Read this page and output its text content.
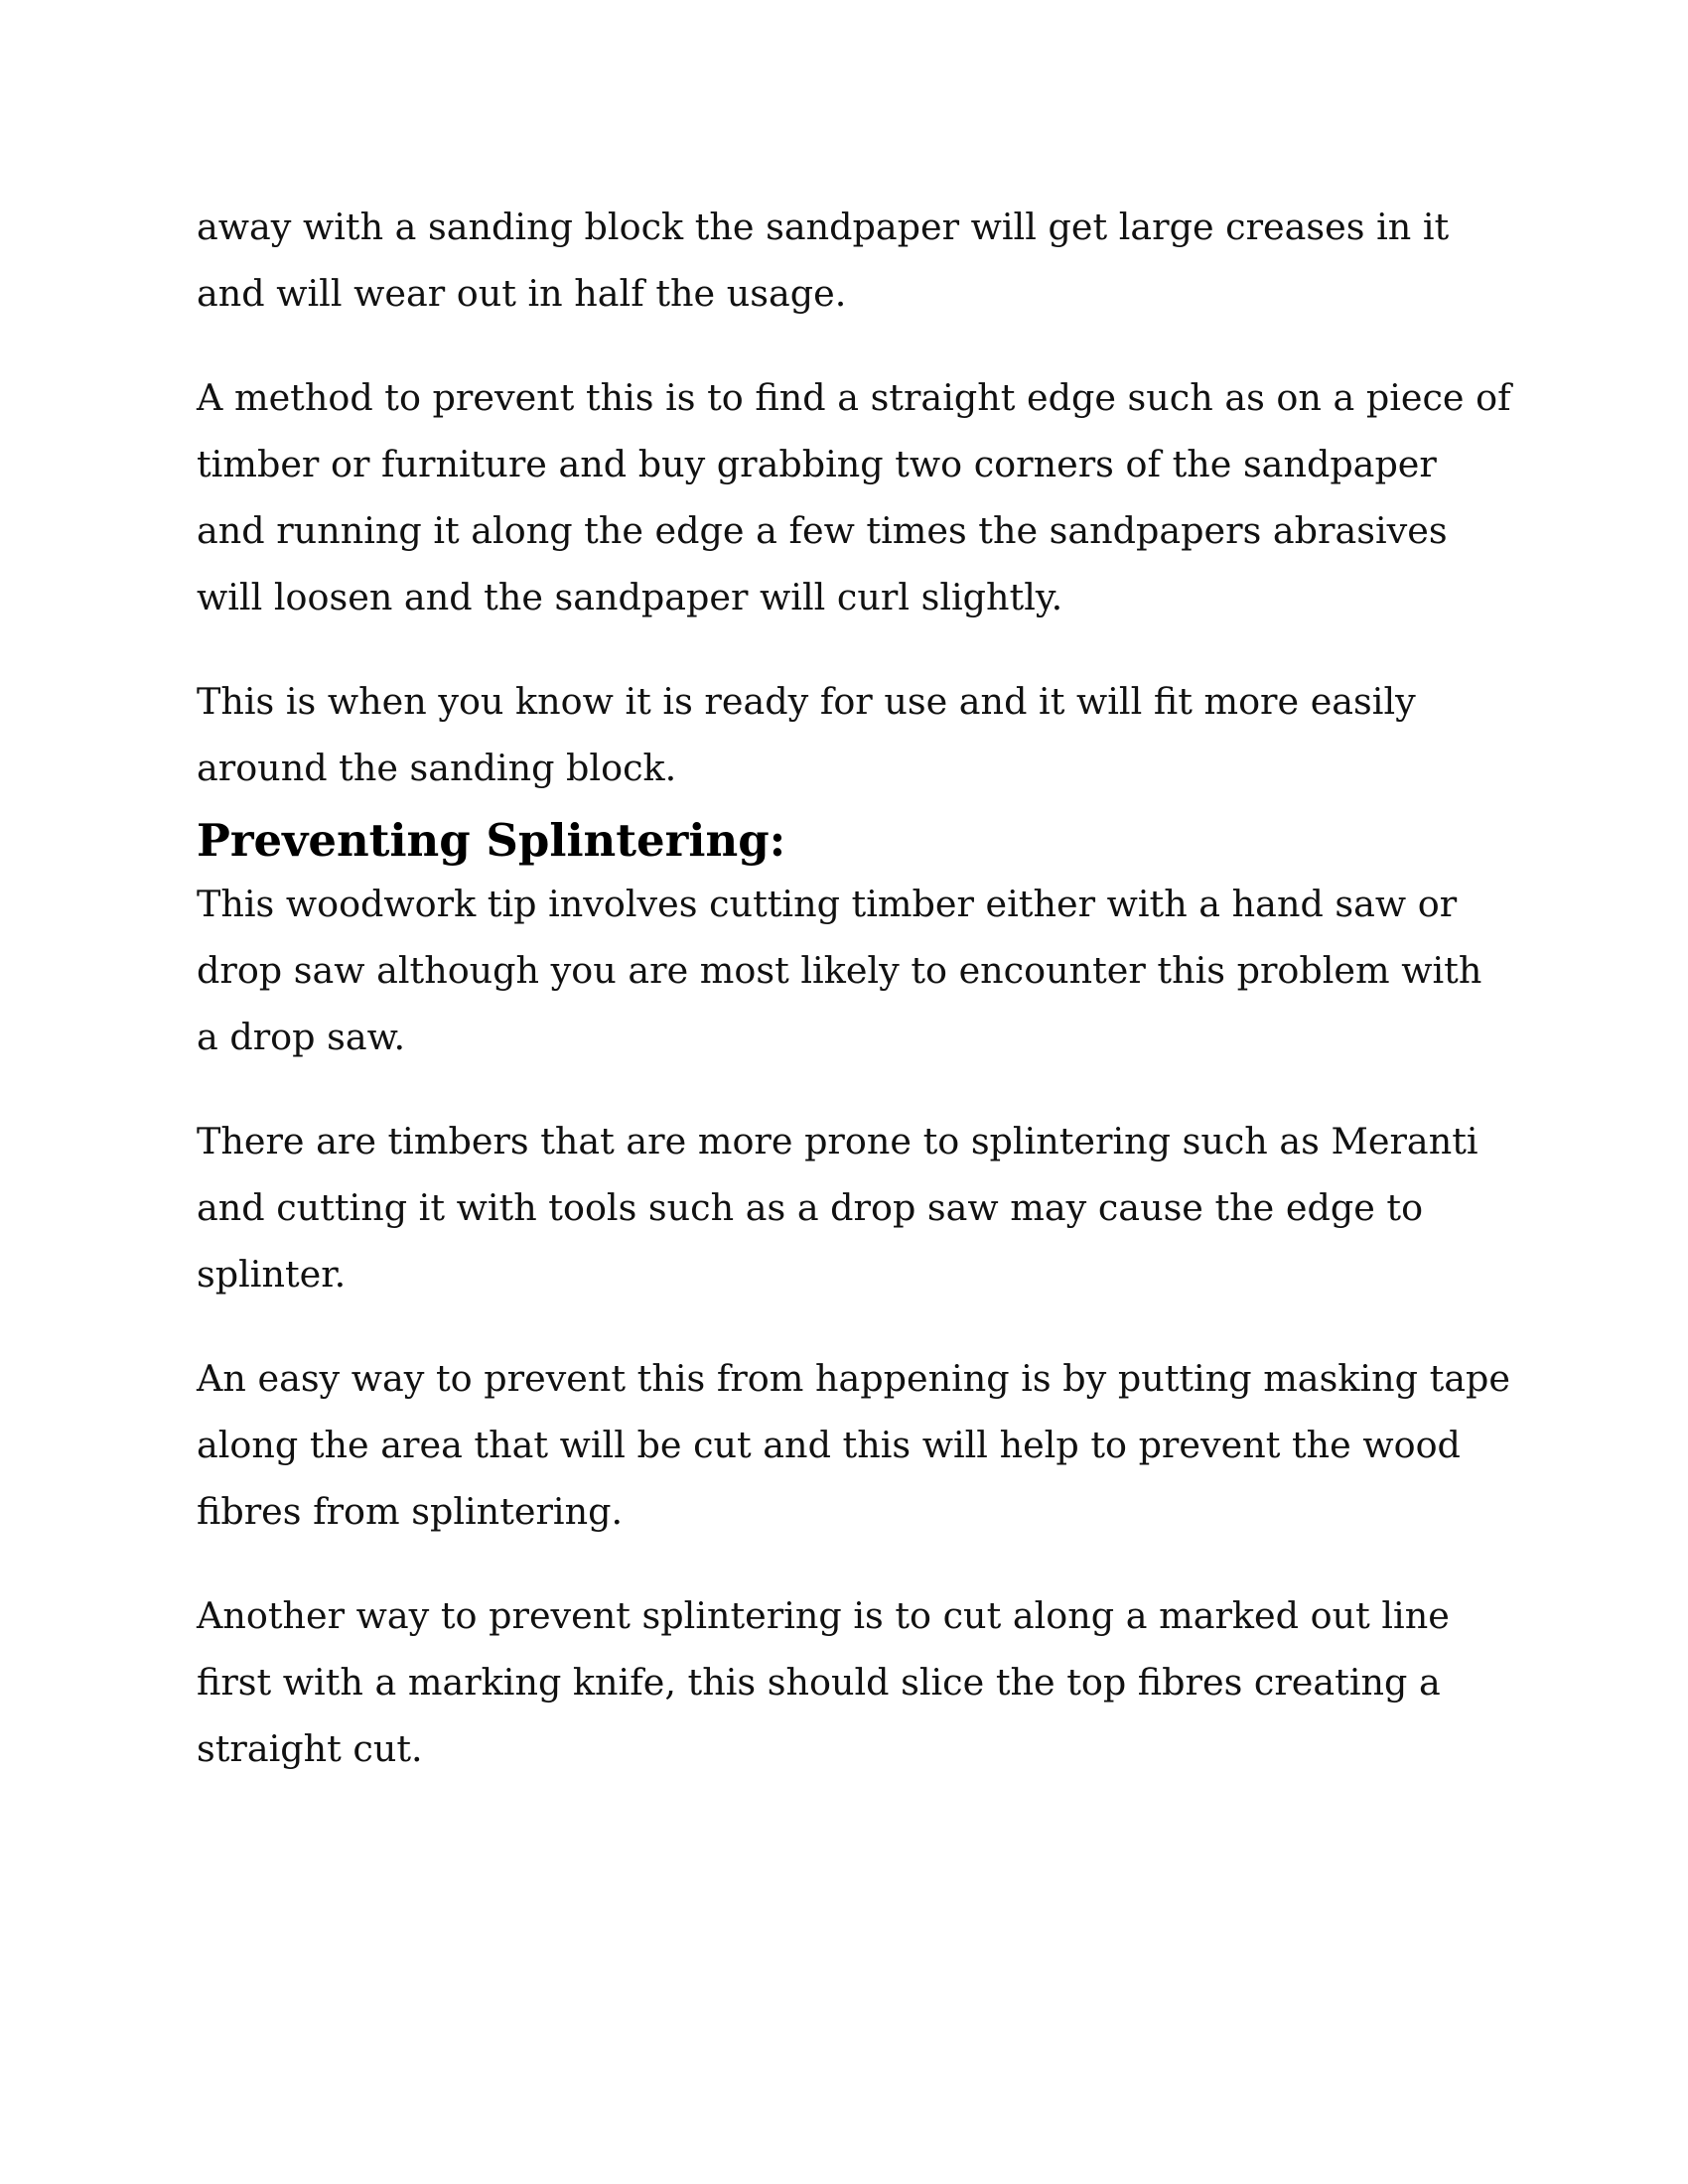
away with a sanding block the sandpaper will get large creases in it
and will wear out in half the usage.

A method to prevent this is to find a straight edge such as on a piece of
timber or furniture and buy grabbing two corners of the sandpaper
and running it along the edge a few times the sandpapers abrasives
will loosen and the sandpaper will curl slightly.

This is when you know it is ready for use and it will fit more easily
around the sanding block.

Preventing Splintering:

This woodwork tip involves cutting timber either with a hand saw or
drop saw although you are most likely to encounter this problem with
a drop saw.

There are timbers that are more prone to splintering such as Meranti
and cutting it with tools such as a drop saw may cause the edge to
splinter.

An easy way to prevent this from happening is by putting masking tape
along the area that will be cut and this will help to prevent the wood
fibres from splintering.

Another way to prevent splintering is to cut along a marked out line
first with a marking knife, this should slice the top fibres creating a
straight cut.
